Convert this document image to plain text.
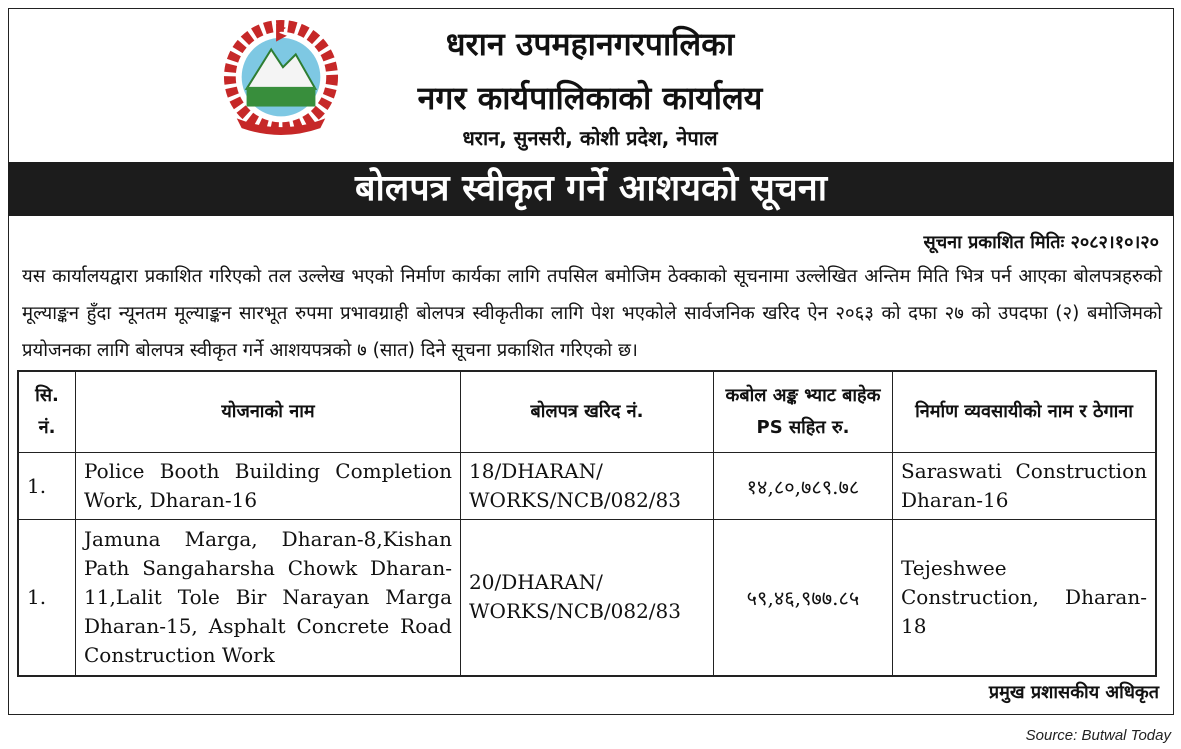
धरान उपमहानगरपालिका
नगर कार्यपालिकाको कार्यालय
धरान, सुनसरी, कोशी प्रदेश, नेपाल
बोलपत्र स्वीकृत गर्ने आशयको सूचना
सूचना प्रकाशित मितिः २०८२।१०।२०
यस कार्यालयद्वारा प्रकाशित गरिएको तल उल्लेख भएको निर्माण कार्यका लागि तपसिल बमोजिम ठेक्काको सूचनामा उल्लेखित अन्तिम मिति भित्र पर्न आएका बोलपत्रहरुको मूल्याङ्कन हुँदा न्यूनतम मूल्याङ्कन सारभूत रुपमा प्रभावग्राही बोलपत्र स्वीकृतीका लागि पेश भएकोले सार्वजनिक खरिद ऐन २०६३ को दफा २७ को उपदफा (२) बमोजिमको प्रयोजनका लागि बोलपत्र स्वीकृत गर्ने आशयपत्रको ७ (सात) दिने सूचना प्रकाशित गरिएको छ।
सि. नं.	योजनाको नाम	बोलपत्र खरिद नं.	कबोल अङ्क भ्याट बाहेक PS सहित रु.	निर्माण व्यवसायीको नाम र ठेगाना
1.	Police Booth Building Completion Work, Dharan-16	18/DHARAN/ WORKS/NCB/082/83	१४,८०,७८९.७८	Saraswati Construction Dharan-16
1.	Jamuna Marga, Dharan-8,Kishan Path Sangaharsha Chowk Dharan-11,Lalit Tole Bir Narayan Marga Dharan-15, Asphalt Concrete Road Construction Work	20/DHARAN/ WORKS/NCB/082/83	५९,४६,९७७.८५	Tejeshwee Construction, Dharan-18
प्रमुख प्रशासकीय अधिकृत
Source: Butwal Today
